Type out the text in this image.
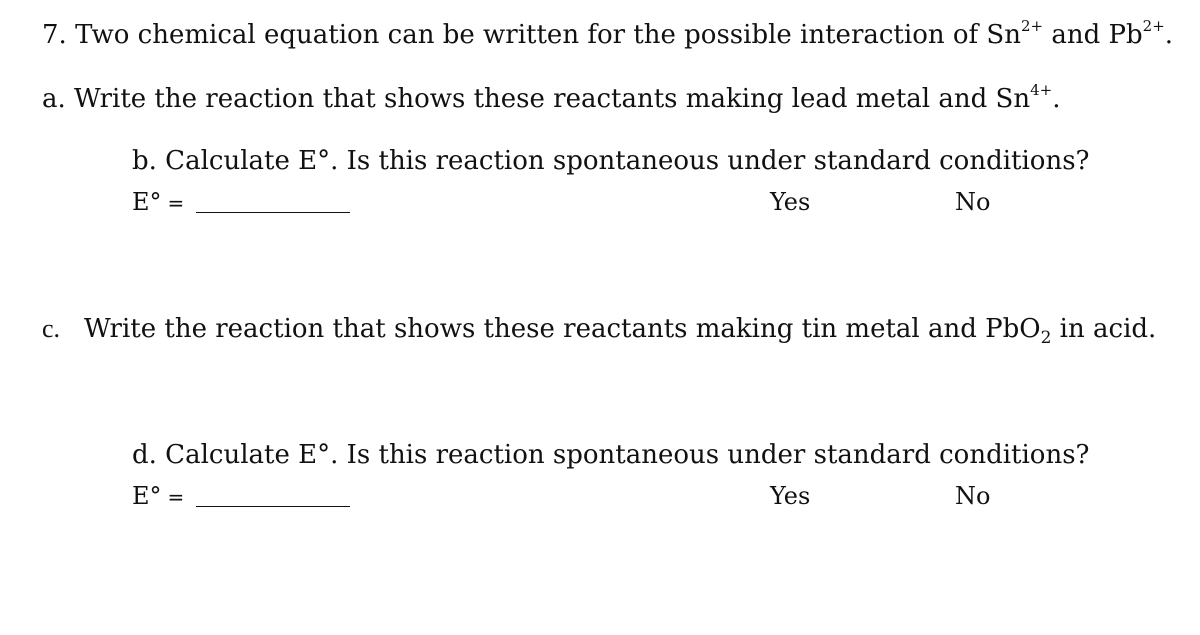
7. Two chemical equation can be written for the possible interaction of $Sn^{2+}$ and $Pb^{2+}$.
a. Write the reaction that shows these reactants making lead metal and $Sn^{4+}$.
b. Calculate E°. Is this reaction spontaneous under standard conditions?
E° =	Yes	No
c. Write the reaction that shows these reactants making tin metal and PbO$_2$ in acid.
d. Calculate E°. Is this reaction spontaneous under standard conditions?
E° =	Yes	No
